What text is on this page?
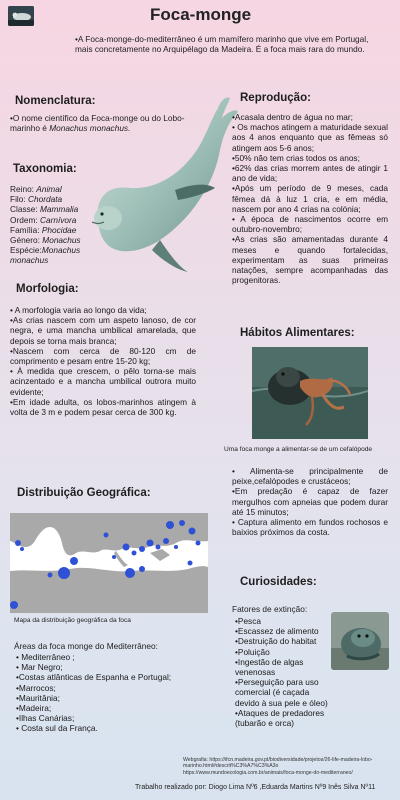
Foca-monge

•A Foca-monge-do-mediterrâneo é um mamífero marinho que vive em Portugal, mais concretamente no Arquipélago da Madeira. É a foca mais rara do mundo.

Nomenclatura:

•O nome científico da Foca-monge ou do Lobo-marinho é Monachus monachus.

Taxonomia:
Reino: Animal
Filo: Chordata
Classe: Mammalia
Ordem: Carnívora
Família: Phocidae
Género: Monachus
Espécie:Monachus monachus
Morfologia:
• A morfologia varia ao longo da vida;
•As crias nascem com um aspeto lanoso, de cor negra, e uma mancha umbilical amarelada, que depois se torna mais branca;
•Nascem com cerca de 80-120 cm de comprimento e pesam entre 15-20 kg;
• À medida que crescem, o pêlo torna-se mais acinzentado e a mancha umbilical outrora muito evidente;
•Em idade adulta, os lobos-marinhos atingem à volta de 3 m e podem pesar cerca de 300 kg.
Reprodução:
•Acasala dentro de água no mar;
• Os machos atingem a maturidade sexual aos 4 anos enquanto que as fêmeas só atingem aos 5-6 anos;
•50% não tem crias todos os anos;
•62% das crias morrem antes de atingir 1 ano de vida;
•Após um período de 9 meses, cada fêmea dá à luz 1 cria, e em média, nascem por ano 4 crias na colónia;
• A época de nascimentos ocorre em outubro-novembro;
•As crias são amamentadas durante 4 meses e quando fortalecidas, experimentam as suas primeiras natações, sempre acompanhadas das progenitoras.
Hábitos Alimentares:

Uma foca monge a alimentar-se de um cefalópode

• Alimenta-se principalmente de peixe,cefalópodes e crustáceos;
•Em predação é capaz de fazer mergulhos com apneias que podem durar até 15 minutos;
• Captura alimento em fundos rochosos e baixios próximos da costa.
Distribuição Geográfica:

Mapa da distribuição geográfica da foca

Áreas da foca monge do Mediterrâneo:

• Mediterrâneo ;
• Mar Negro;
•Costas atlânticas de Espanha e Portugal;
•Marrocos;
•Mauritânia;
•Madeira;
•Ilhas Canárias;
• Costa sul da França.
Curiosidades:

Fatores de extinção:

•Pesca
•Escassez de alimento
•Destruição do habitat
•Poluição
•Ingestão de algas venenosas
•Perseguição para uso comercial (é caçada devido à sua pele e óleo)
•Ataques de predadores (tubarão e orca)

Webgrafia: https://ifcn.madeira.gov.pt/biodiversidade/projetos/26-life-madeira-lobo-marinho.html#descrit%C3%A7%C3%A3o https://www.mundoecologia.com.br/animais/foca-monge-do-mediterraneo/

Trabalho realizado por: Diogo Lima Nº6 ,Eduarda Martins Nº9 Inês Silva Nº11
